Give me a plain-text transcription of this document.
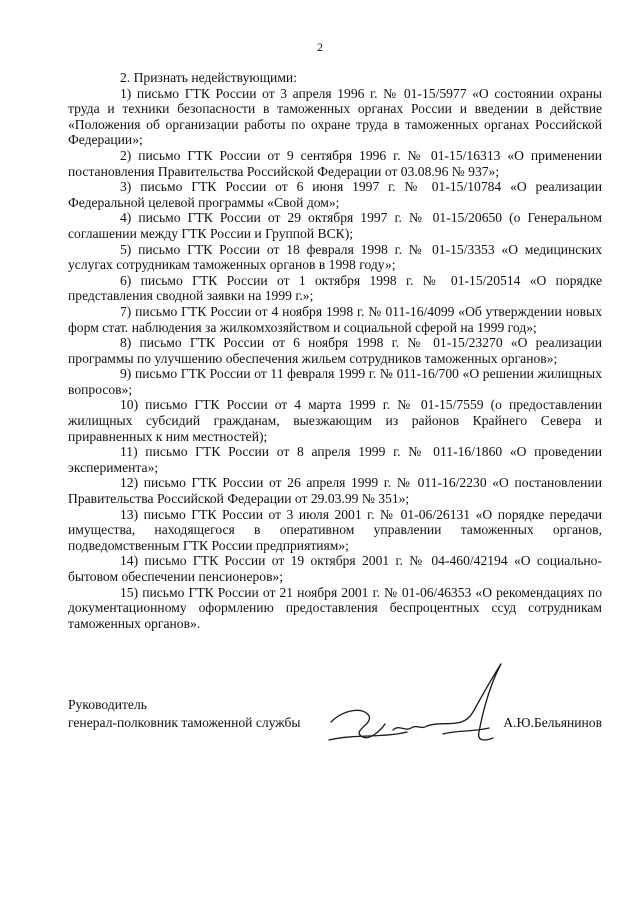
2

2. Признать недействующими:

1) письмо ГТК России от 3 апреля 1996 г. № 01-15/5977 «О состоянии охраны труда и техники безопасности в таможенных органах России и введении в действие «Положения об организации работы по охране труда в таможенных органах Российской Федерации»;

2) письмо ГТК России от 9 сентября 1996 г. № 01-15/16313 «О применении постановления Правительства Российской Федерации от 03.08.96 № 937»;

3) письмо ГТК России от 6 июня 1997 г. № 01-15/10784 «О реализации Федеральной целевой программы «Свой дом»;

4) письмо ГТК России от 29 октября 1997 г. № 01-15/20650 (о Генеральном соглашении между ГТК России и Группой ВСК);

5) письмо ГТК России от 18 февраля 1998 г. № 01-15/3353 «О медицинских услугах сотрудникам таможенных органов в 1998 году»;

6) письмо ГТК России от 1 октября 1998 г. № 01-15/20514 «О порядке представления сводной заявки на 1999 г.»;

7) письмо ГТК России от 4 ноября 1998 г. № 011-16/4099 «Об утверждении новых форм стат. наблюдения за жилкомхозяйством и социальной сферой на 1999 год»;

8) письмо ГТК России от 6 ноября 1998 г. № 01-15/23270 «О реализации программы по улучшению обеспечения жильем сотрудников таможенных органов»;

9) письмо ГТК России от 11 февраля 1999 г. № 011-16/700 «О решении жилищных вопросов»;

10) письмо ГТК России от 4 марта 1999 г. № 01-15/7559 (о предоставлении жилищных субсидий гражданам, выезжающим из районов Крайнего Севера и приравненных к ним местностей);

11) письмо ГТК России от 8 апреля 1999 г. № 011-16/1860 «О проведении эксперимента»;

12) письмо ГТК России от 26 апреля 1999 г. № 011-16/2230 «О постановлении Правительства Российской Федерации от 29.03.99 № 351»;

13) письмо ГТК России от 3 июля 2001 г. № 01-06/26131 «О порядке передачи имущества, находящегося в оперативном управлении таможенных органов, подведомственным ГТК России предприятиям»;

14) письмо ГТК России от 19 октября 2001 г. № 04-460/42194 «О социально-бытовом обеспечении пенсионеров»;

15) письмо ГТК России от 21 ноября 2001 г. № 01-06/46353 «О рекомендациях по документационному оформлению предоставления беспроцентных ссуд сотрудникам таможенных органов».

Руководитель
генерал-полковник таможенной службы	А.Ю.Бельянинов
